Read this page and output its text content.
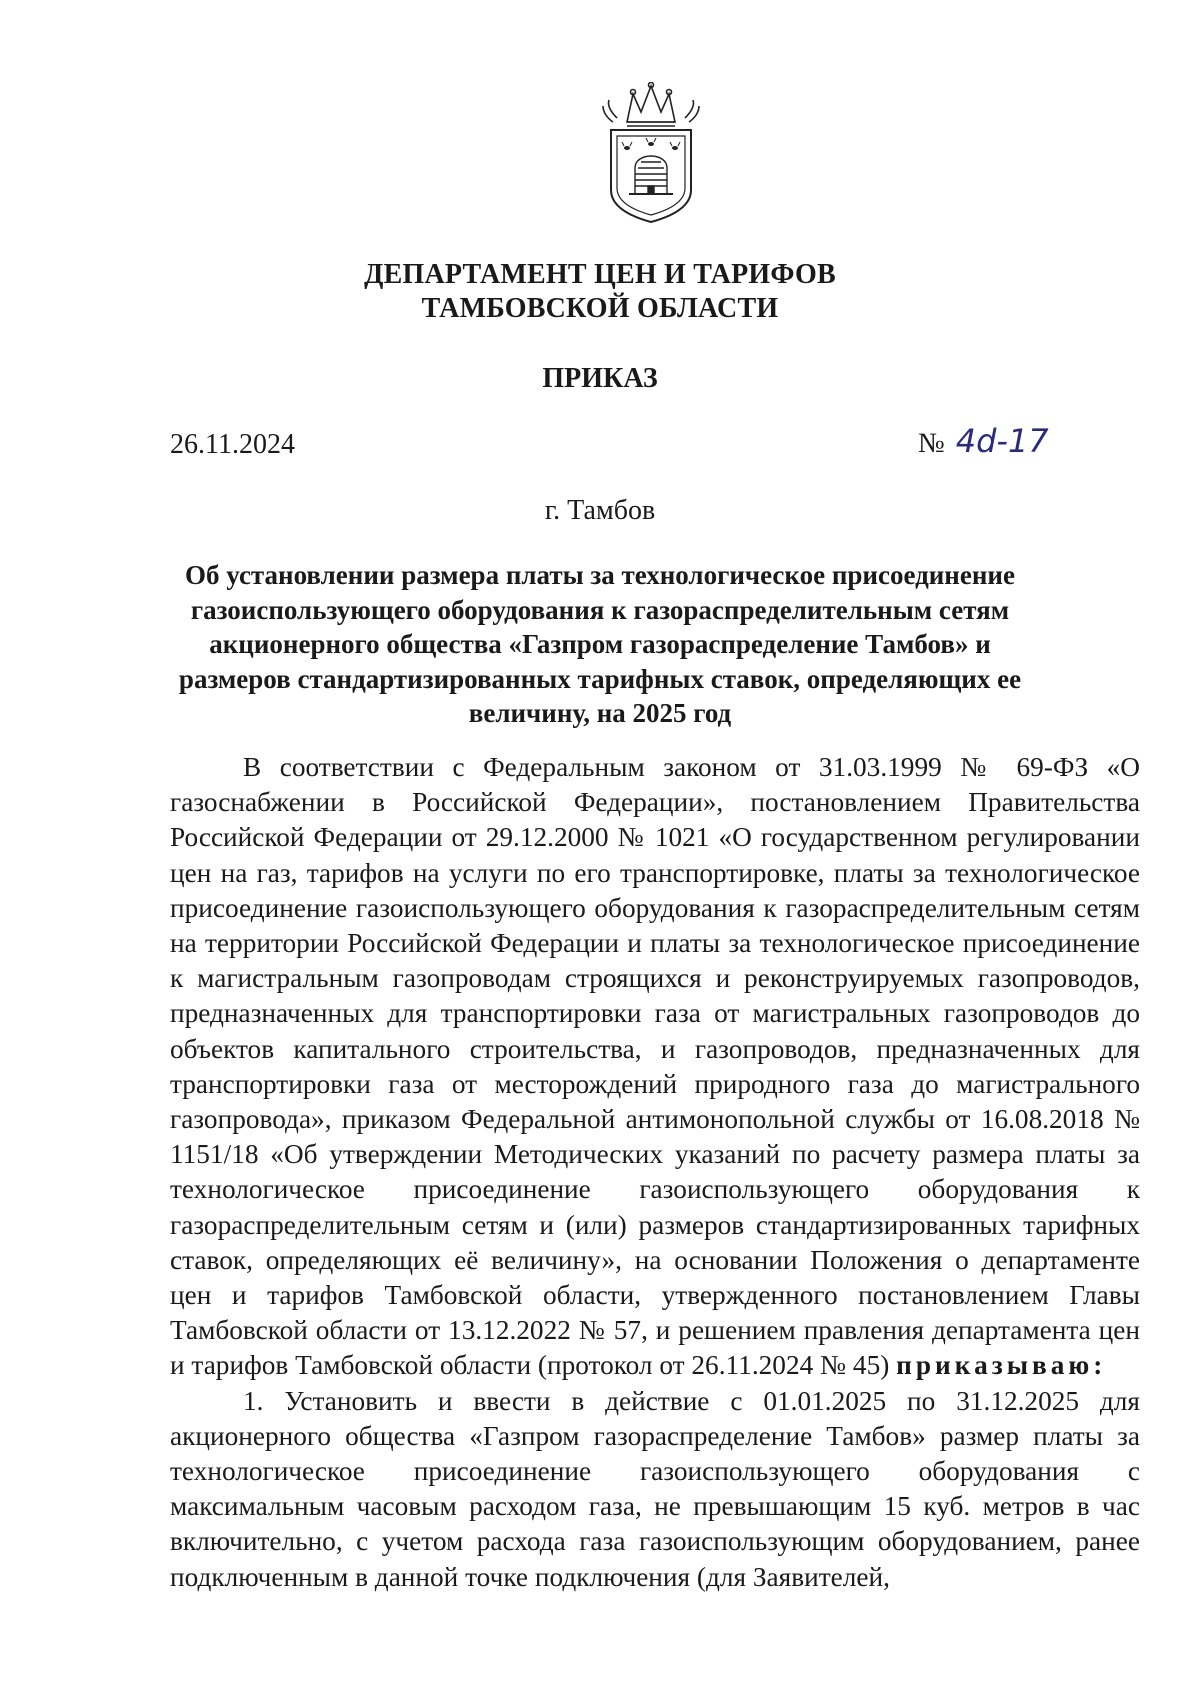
ДЕПАРТАМЕНТ ЦЕН И ТАРИФОВ
ТАМБОВСКОЙ ОБЛАСТИ
ПРИКАЗ
26.11.2024	№ 4d-17
г. Тамбов
Об установлении размера платы за технологическое присоединение газоиспользующего оборудования к газораспределительным сетям акционерного общества «Газпром газораспределение Тамбов» и размеров стандартизированных тарифных ставок, определяющих ее величину, на 2025 год

В соответствии с Федеральным законом от 31.03.1999 № 69-ФЗ «О газоснабжении в Российской Федерации», постановлением Правительства Российской Федерации от 29.12.2000 № 1021 «О государственном регулировании цен на газ, тарифов на услуги по его транспортировке, платы за технологическое присоединение газоиспользующего оборудования к газораспределительным сетям на территории Российской Федерации и платы за технологическое присоединение к магистральным газопроводам строящихся и реконструируемых газопроводов, предназначенных для транспортировки газа от магистральных газопроводов до объектов капитального строительства, и газопроводов, предназначенных для транспортировки газа от месторождений природного газа до магистрального газопровода», приказом Федеральной антимонопольной службы от 16.08.2018 № 1151/18 «Об утверждении Методических указаний по расчету размера платы за технологическое присоединение газоиспользующего оборудования к газораспределительным сетям и (или) размеров стандартизированных тарифных ставок, определяющих её величину», на основании Положения о департаменте цен и тарифов Тамбовской области, утвержденного постановлением Главы Тамбовской области от 13.12.2022 № 57, и решением правления департамента цен и тарифов Тамбовской области (протокол от 26.11.2024 № 45) приказываю:

1. Установить и ввести в действие с 01.01.2025 по 31.12.2025 для акционерного общества «Газпром газораспределение Тамбов» размер платы за технологическое присоединение газоиспользующего оборудования с максимальным часовым расходом газа, не превышающим 15 куб. метров в час включительно, с учетом расхода газа газоиспользующим оборудованием, ранее подключенным в данной точке подключения (для Заявителей,
